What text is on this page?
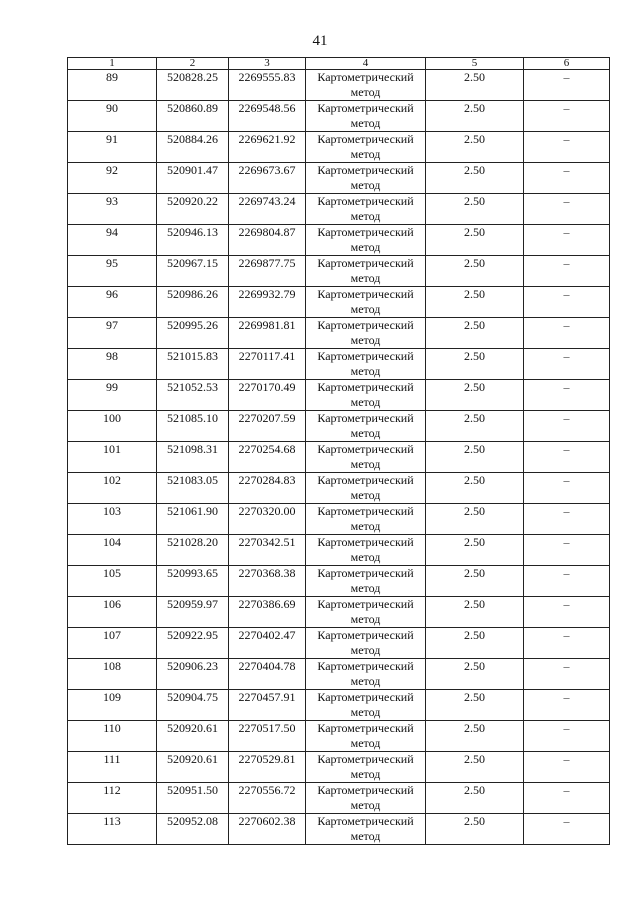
41
1	2	3	4	5	6
89	520828.25	2269555.83	Картометрический метод	2.50	–
90	520860.89	2269548.56	Картометрический метод	2.50	–
91	520884.26	2269621.92	Картометрический метод	2.50	–
92	520901.47	2269673.67	Картометрический метод	2.50	–
93	520920.22	2269743.24	Картометрический метод	2.50	–
94	520946.13	2269804.87	Картометрический метод	2.50	–
95	520967.15	2269877.75	Картометрический метод	2.50	–
96	520986.26	2269932.79	Картометрический метод	2.50	–
97	520995.26	2269981.81	Картометрический метод	2.50	–
98	521015.83	2270117.41	Картометрический метод	2.50	–
99	521052.53	2270170.49	Картометрический метод	2.50	–
100	521085.10	2270207.59	Картометрический метод	2.50	–
101	521098.31	2270254.68	Картометрический метод	2.50	–
102	521083.05	2270284.83	Картометрический метод	2.50	–
103	521061.90	2270320.00	Картометрический метод	2.50	–
104	521028.20	2270342.51	Картометрический метод	2.50	–
105	520993.65	2270368.38	Картометрический метод	2.50	–
106	520959.97	2270386.69	Картометрический метод	2.50	–
107	520922.95	2270402.47	Картометрический метод	2.50	–
108	520906.23	2270404.78	Картометрический метод	2.50	–
109	520904.75	2270457.91	Картометрический метод	2.50	–
110	520920.61	2270517.50	Картометрический метод	2.50	–
111	520920.61	2270529.81	Картометрический метод	2.50	–
112	520951.50	2270556.72	Картометрический метод	2.50	–
113	520952.08	2270602.38	Картометрический метод	2.50	–
